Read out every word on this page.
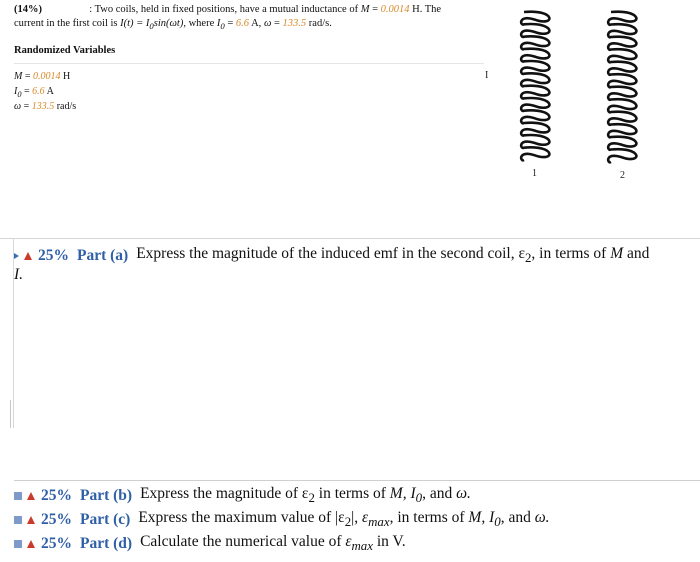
(14%)	: Two coils, held in fixed positions, have a mutual inductance of M = 0.0014 H. The
current in the first coil is $I(t) = I_0\sin(\omega t)$, where $I_0 = 6.6$ A, ω = 133.5 rad/s.
Randomized Variables
M = 0.0014 H
$I_0 = 6.6$ A
ω = 133.5 rad/s
I
1	2
25% Part (a) Express the magnitude of the induced emf in the second coil, $\varepsilon_2$, in terms of M and
I.
25% Part (b) Express the magnitude of $\varepsilon_2$ in terms of M, $I_0$, and ω.
25% Part (c) Express the maximum value of $|\varepsilon_2|$, $\varepsilon_{max}$, in terms of M, $I_0$, and ω.
25% Part (d) Calculate the numerical value of $\varepsilon_{max}$ in V.
